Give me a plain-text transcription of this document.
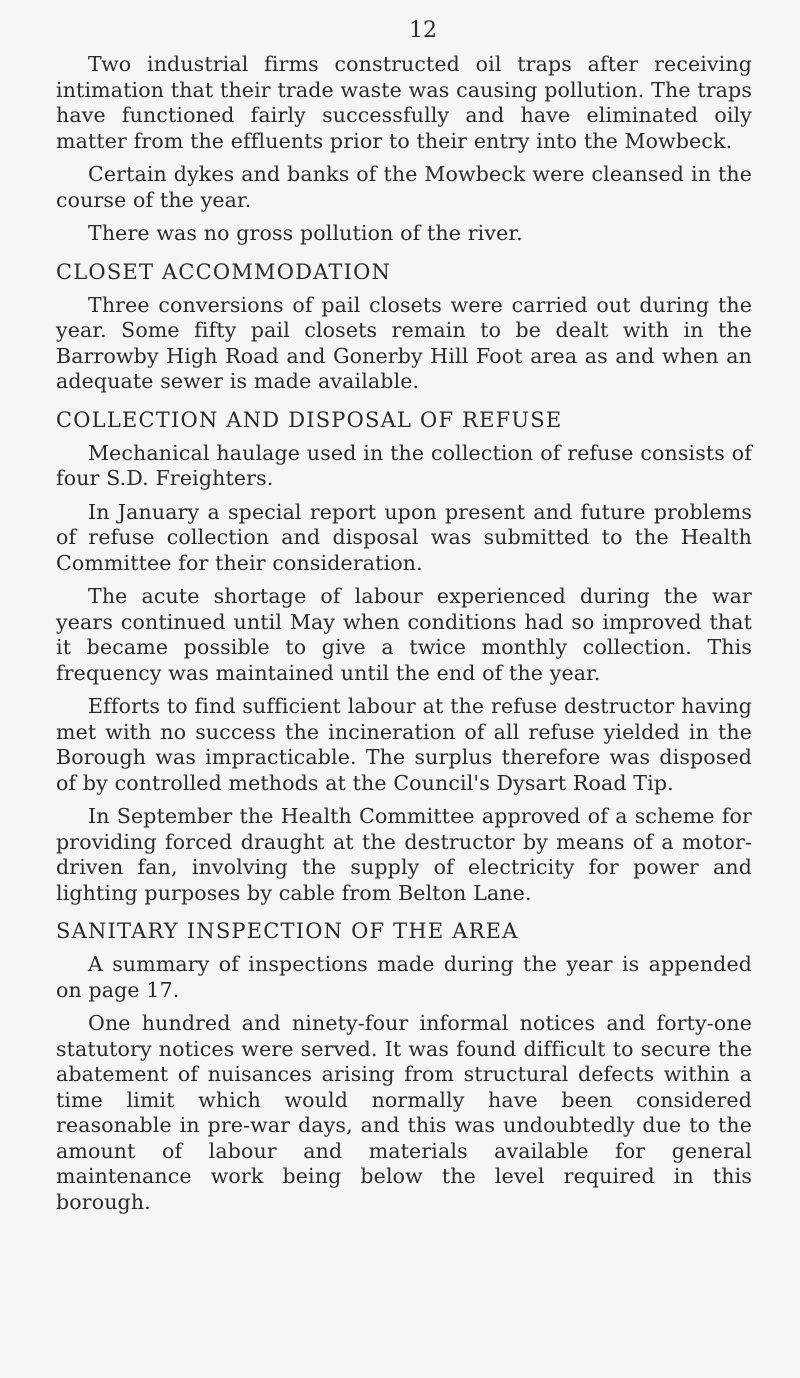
12

Two industrial firms constructed oil traps after receiving intimation that their trade waste was causing pollution. The traps have functioned fairly successfully and have eliminated oily matter from the effluents prior to their entry into the Mowbeck.

Certain dykes and banks of the Mowbeck were cleansed in the course of the year.

There was no gross pollution of the river.

CLOSET ACCOMMODATION

Three conversions of pail closets were carried out during the year. Some fifty pail closets remain to be dealt with in the Barrowby High Road and Gonerby Hill Foot area as and when an adequate sewer is made available.

COLLECTION AND DISPOSAL OF REFUSE

Mechanical haulage used in the collection of refuse consists of four S.D. Freighters.

In January a special report upon present and future problems of refuse collection and disposal was submitted to the Health Committee for their consideration.

The acute shortage of labour experienced during the war years continued until May when conditions had so improved that it became possible to give a twice monthly collection. This frequency was maintained until the end of the year.

Efforts to find sufficient labour at the refuse destructor having met with no success the incineration of all refuse yielded in the Borough was impracticable. The surplus therefore was disposed of by controlled methods at the Council's Dysart Road Tip.

In September the Health Committee approved of a scheme for providing forced draught at the destructor by means of a motor-driven fan, involving the supply of electricity for power and lighting purposes by cable from Belton Lane.

SANITARY INSPECTION OF THE AREA

A summary of inspections made during the year is appended on page 17.

One hundred and ninety-four informal notices and forty-one statutory notices were served. It was found difficult to secure the abatement of nuisances arising from structural defects within a time limit which would normally have been considered reasonable in pre-war days, and this was undoubtedly due to the amount of labour and materials available for general maintenance work being below the level required in this borough.
